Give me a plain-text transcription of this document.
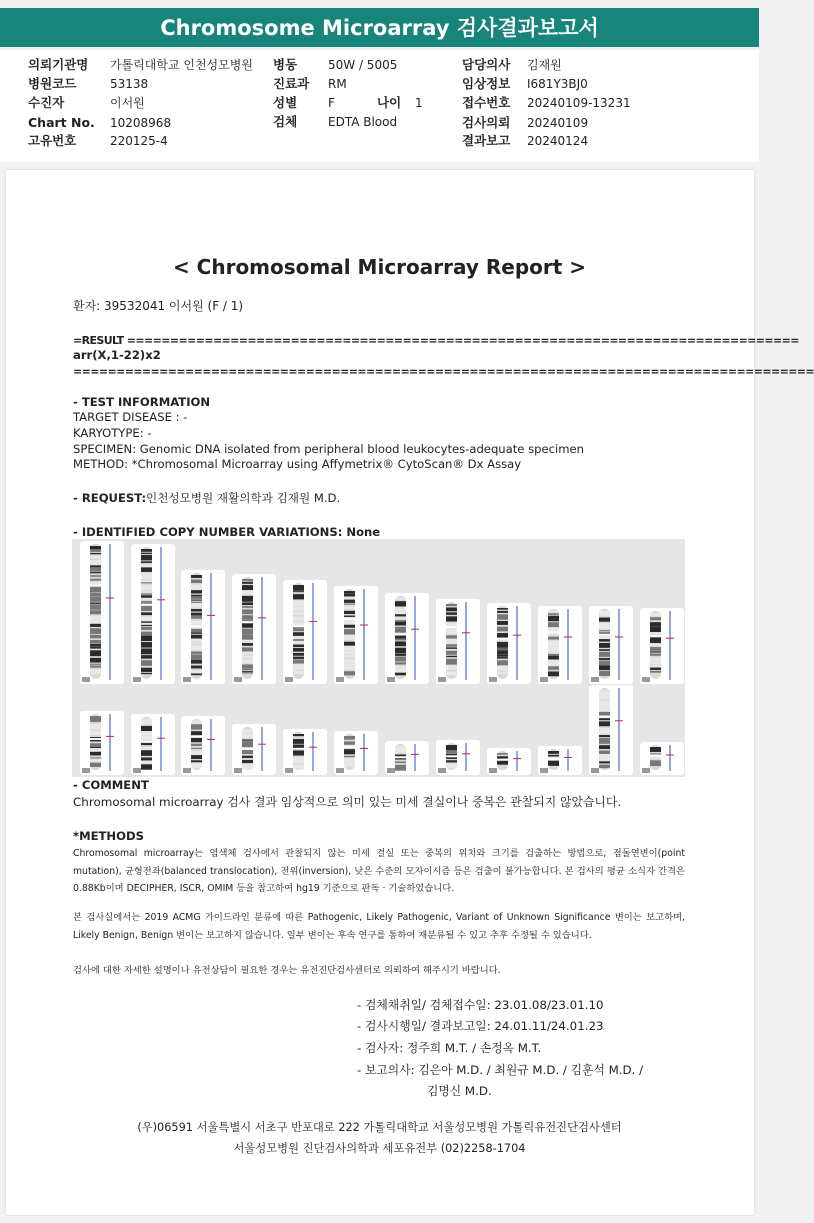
Chromosome Microarray 검사결과보고서
의뢰기관명 가톨릭대학교 인천성모병원
병원코드	53138
수진자	이서원
Chart No. 10208968
고유번호	220125-4
병동	50W / 5005
진료과 RM
성별	F	나이 1
검체	EDTA Blood
담당의사 김재원
임상정보 I681Y3BJ0
접수번호 20240109-13231
검사의뢰 20240109
결과보고 20240124
< Chromosomal Microarray Report >
환자: 39532041 이서원 (F / 1)
=RESULT ==============================================================================
arr(X,1-22)x2
======================================================================================
- TEST INFORMATION
TARGET DISEASE : -
KARYOTYPE: -
SPECIMEN: Genomic DNA isolated from peripheral blood leukocytes-adequate specimen
METHOD: *Chromosomal Microarray using Affymetrix® CytoScan® Dx Assay
- REQUEST: 인천성모병원 재활의학과 김재원 M.D.
- IDENTIFIED COPY NUMBER VARIATIONS: None
- COMMENT
Chromosomal microarray 검사 결과 임상적으로 의미 있는 미세 결실이나 중복은 관찰되지 않았습니다.
*METHODS
Chromosomal microarray는 염색체 검사에서 관찰되지 않는 미세 결실 또는 중복의 위치와 크기를 검출하는 방법으로, 점돌연변이(point mutation), 균형전좌(balanced translocation), 전위(inversion), 낮은 수준의 모자이시즘 등은 검출이 불가능합니다. 본 검사의 평균 소식자 간격은 0.88Kb이며 DECIPHER, ISCR, OMIM 등을 참고하여 hg19 기준으로 판독 · 기술하였습니다.
본 검사실에서는 2019 ACMG 가이드라인 분류에 따른 Pathogenic, Likely Pathogenic, Variant of Unknown Significance 변이는 보고하며, Likely Benign, Benign 변이는 보고하지 않습니다. 일부 변이는 후속 연구를 통하여 재분류될 수 있고 추후 수정될 수 있습니다.
검사에 대한 자세한 설명이나 유전상담이 필요한 경우는 유전진단검사센터로 의뢰하여 해주시기 바랍니다.
- 검체채취일/ 검체접수일: 23.01.08/23.01.10
- 검사시행일/ 결과보고일: 24.01.11/24.01.23
- 검사자: 정주희 M.T. / 손정옥 M.T.
- 보고의사: 김은아 M.D. / 최원규 M.D. / 김훈석 M.D. /
김명신 M.D.
(우)06591 서울특별시 서초구 반포대로 222 가톨릭대학교 서울성모병원 가톨릭유전진단검사센터
서울성모병원 진단검사의학과 세포유전부 (02)2258-1704
